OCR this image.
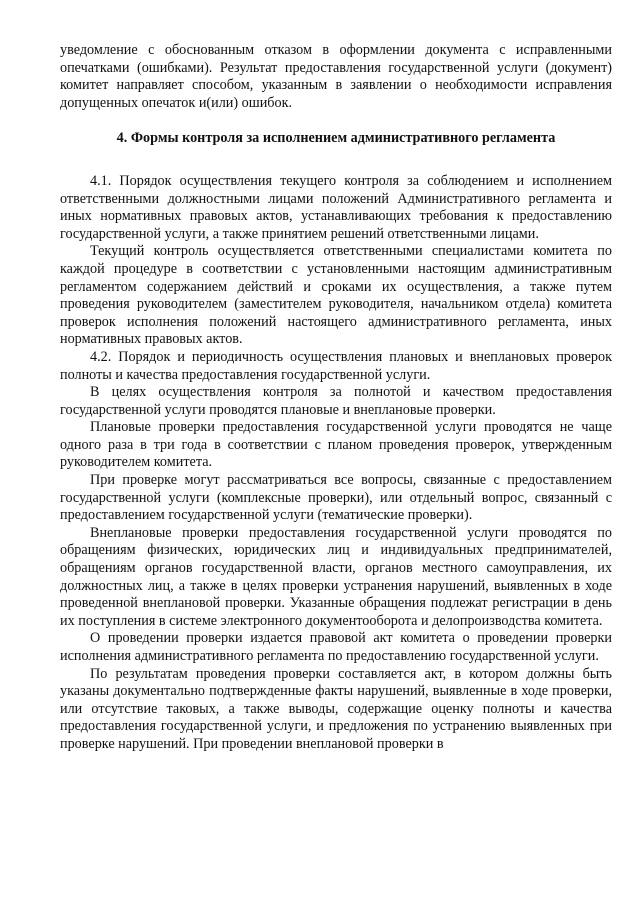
уведомление с обоснованным отказом в оформлении документа с исправленными опечатками (ошибками). Результат предоставления государственной услуги (документ) комитет направляет способом, указанным в заявлении о необходимости исправления допущенных опечаток и(или) ошибок.

4. Формы контроля за исполнением административного регламента

4.1. Порядок осуществления текущего контроля за соблюдением и исполнением ответственными должностными лицами положений Административного регламента и иных нормативных правовых актов, устанавливающих требования к предоставлению государственной услуги, а также принятием решений ответственными лицами.

Текущий контроль осуществляется ответственными специалистами комитета по каждой процедуре в соответствии с установленными настоящим административным регламентом содержанием действий и сроками их осуществления, а также путем проведения руководителем (заместителем руководителя, начальником отдела) комитета проверок исполнения положений настоящего административного регламента, иных нормативных правовых актов.

4.2. Порядок и периодичность осуществления плановых и внеплановых проверок полноты и качества предоставления государственной услуги.

В целях осуществления контроля за полнотой и качеством предоставления государственной услуги проводятся плановые и внеплановые проверки.

Плановые проверки предоставления государственной услуги проводятся не чаще одного раза в три года в соответствии с планом проведения проверок, утвержденным руководителем комитета.

При проверке могут рассматриваться все вопросы, связанные с предоставлением государственной услуги (комплексные проверки), или отдельный вопрос, связанный с предоставлением государственной услуги (тематические проверки).

Внеплановые проверки предоставления государственной услуги проводятся по обращениям физических, юридических лиц и индивидуальных предпринимателей, обращениям органов государственной власти, органов местного самоуправления, их должностных лиц, а также в целях проверки устранения нарушений, выявленных в ходе проведенной внеплановой проверки. Указанные обращения подлежат регистрации в день их поступления в системе электронного документооборота и делопроизводства комитета.

О проведении проверки издается правовой акт комитета о проведении проверки исполнения административного регламента по предоставлению государственной услуги.

По результатам проведения проверки составляется акт, в котором должны быть указаны документально подтвержденные факты нарушений, выявленные в ходе проверки, или отсутствие таковых, а также выводы, содержащие оценку полноты и качества предоставления государственной услуги, и предложения по устранению выявленных при проверке нарушений. При проведении внеплановой проверки в
